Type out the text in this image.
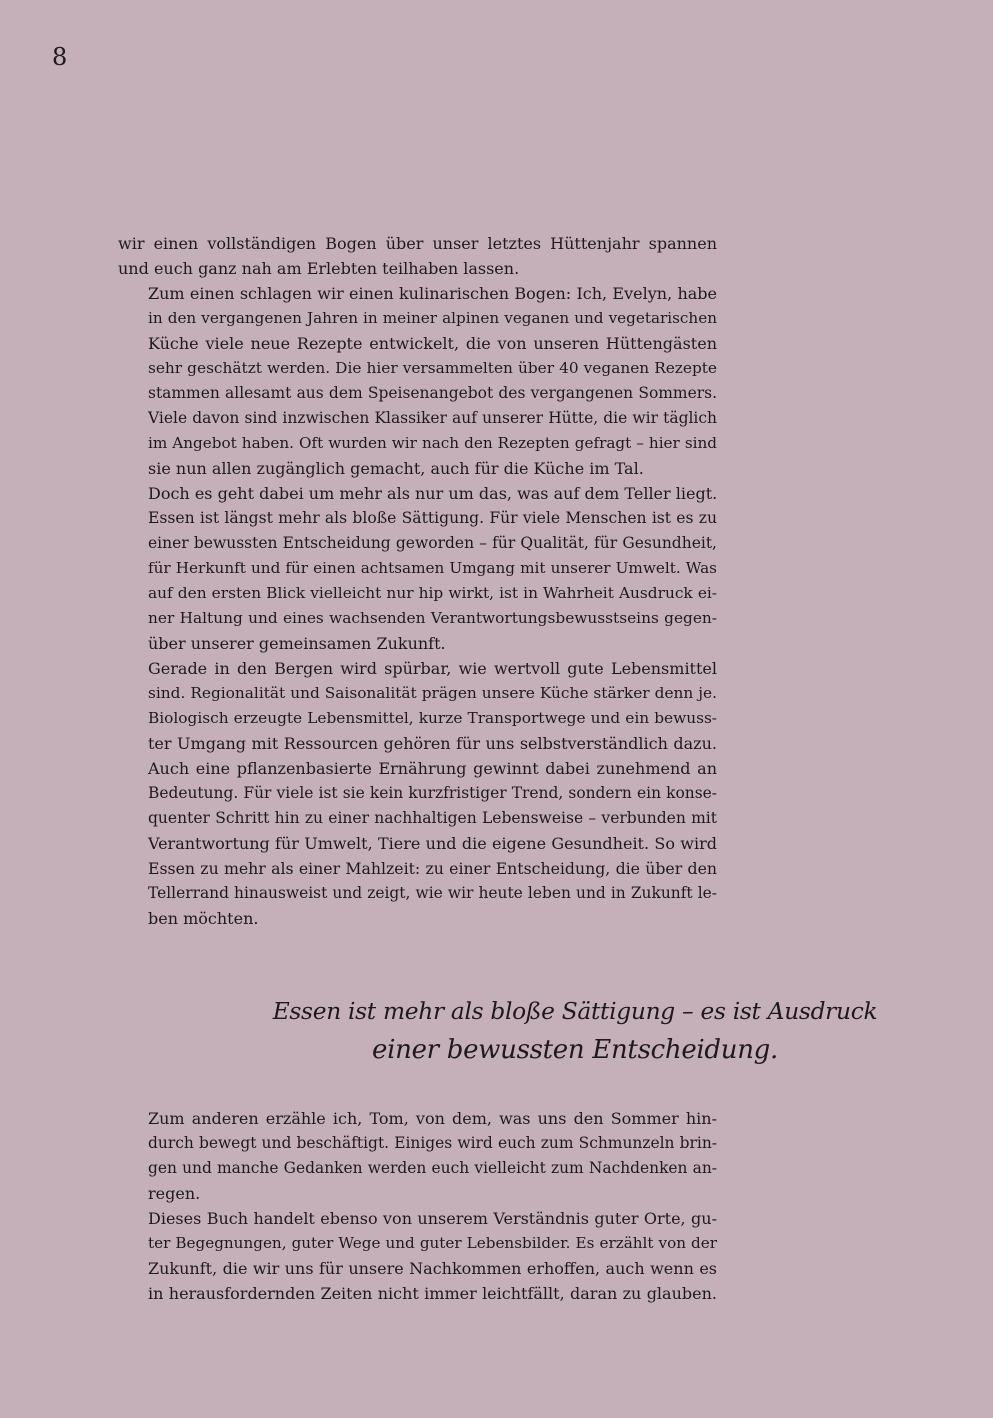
8

wir einen vollständigen Bogen über unser letztes Hüttenjahr spannen
und euch ganz nah am Erlebten teilhaben lassen.

Zum einen schlagen wir einen kulinarischen Bogen: Ich, Evelyn, habe
in den vergangenen Jahren in meiner alpinen veganen und vegetarischen
Küche viele neue Rezepte entwickelt, die von unseren Hüttengästen
sehr geschätzt werden. Die hier versammelten über 40 veganen Rezepte
stammen allesamt aus dem Speisenangebot des vergangenen Sommers.
Viele davon sind inzwischen Klassiker auf unserer Hütte, die wir täglich
im Angebot haben. Oft wurden wir nach den Rezepten gefragt – hier sind
sie nun allen zugänglich gemacht, auch für die Küche im Tal.

Doch es geht dabei um mehr als nur um das, was auf dem Teller liegt.
Essen ist längst mehr als bloße Sättigung. Für viele Menschen ist es zu
einer bewussten Entscheidung geworden – für Qualität, für Gesundheit,
für Herkunft und für einen achtsamen Umgang mit unserer Umwelt. Was
auf den ersten Blick vielleicht nur hip wirkt, ist in Wahrheit Ausdruck ei-
ner Haltung und eines wachsenden Verantwortungsbewusstseins gegen-
über unserer gemeinsamen Zukunft.

Gerade in den Bergen wird spürbar, wie wertvoll gute Lebensmittel
sind. Regionalität und Saisonalität prägen unsere Küche stärker denn je.
Biologisch erzeugte Lebensmittel, kurze Transportwege und ein bewuss-
ter Umgang mit Ressourcen gehören für uns selbstverständlich dazu.
Auch eine pflanzenbasierte Ernährung gewinnt dabei zunehmend an
Bedeutung. Für viele ist sie kein kurzfristiger Trend, sondern ein konse-
quenter Schritt hin zu einer nachhaltigen Lebensweise – verbunden mit
Verantwortung für Umwelt, Tiere und die eigene Gesundheit. So wird
Essen zu mehr als einer Mahlzeit: zu einer Entscheidung, die über den
Tellerrand hinausweist und zeigt, wie wir heute leben und in Zukunft le-
ben möchten.

Essen ist mehr als bloße Sättigung – es ist Ausdruck
einer bewussten Entscheidung.

Zum anderen erzähle ich, Tom, von dem, was uns den Sommer hin-
durch bewegt und beschäftigt. Einiges wird euch zum Schmunzeln brin-
gen und manche Gedanken werden euch vielleicht zum Nachdenken an-
regen.

Dieses Buch handelt ebenso von unserem Verständnis guter Orte, gu-
ter Begegnungen, guter Wege und guter Lebensbilder. Es erzählt von der
Zukunft, die wir uns für unsere Nachkommen erhoffen, auch wenn es
in herausfordernden Zeiten nicht immer leichtfällt, daran zu glauben.
